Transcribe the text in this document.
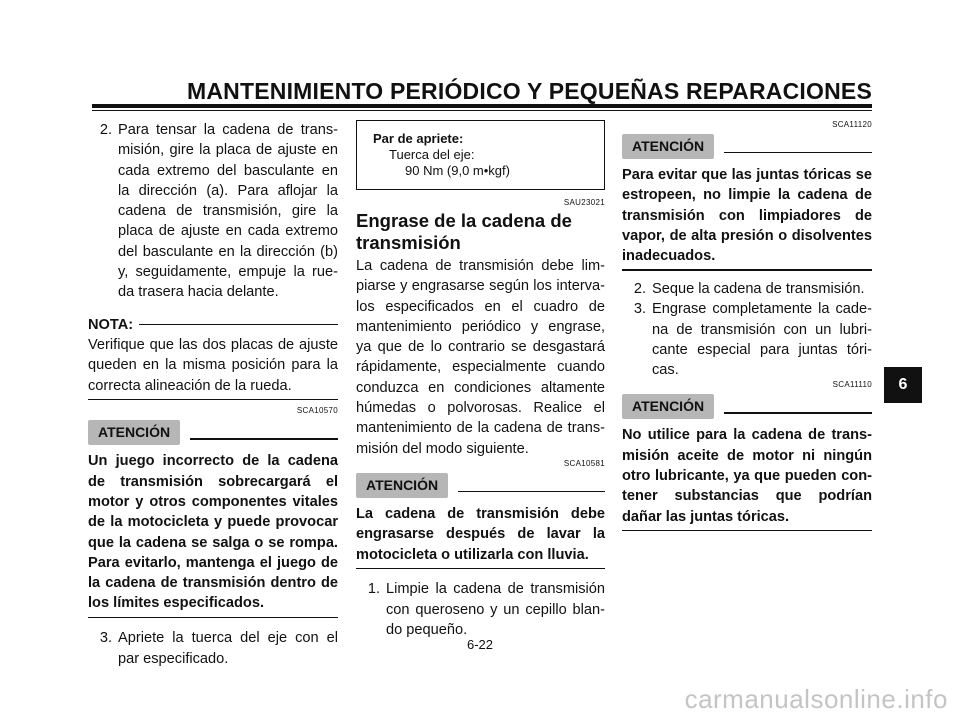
MANTENIMIENTO PERIÓDICO Y PEQUEÑAS REPARACIONES
2. Para tensar la cadena de trans-misión, gire la placa de ajuste en cada extremo del basculante en la dirección (a). Para aflojar la cadena de transmisión, gire la placa de ajuste en cada extremo del basculante en la dirección (b) y, seguidamente, empuje la rue-da trasera hacia delante.
NOTA:

Verifique que las dos placas de ajuste queden en la misma posición para la correcta alineación de la rueda.

SCA10570
ATENCIÓN
Un juego incorrecto de la cadena de transmisión sobrecargará el motor y otros componentes vitales de la motocicleta y puede provocar que la cadena se salga o se rompa. Para evitarlo, mantenga el juego de la cadena de transmisión dentro de los límites especificados.
3. Apriete la tuerca del eje con el par especificado.
Par de apriete:
Tuerca del eje:
90 Nm (9,0 m•kgf)
SAU23021
Engrase de la cadena de transmisión

La cadena de transmisión debe lim-piarse y engrasarse según los interva-los especificados en el cuadro de mantenimiento periódico y engrase, ya que de lo contrario se desgastará rápidamente, especialmente cuando conduzca en condiciones altamente húmedas o polvorosas. Realice el mantenimiento de la cadena de trans-misión del modo siguiente.

SCA10581
ATENCIÓN
La cadena de transmisión debe engrasarse después de lavar la motocicleta o utilizarla con lluvia.
1. Limpie la cadena de transmisión con queroseno y un cepillo blan-do pequeño.
SCA11120
ATENCIÓN
Para evitar que las juntas tóricas se estropeen, no limpie la cadena de transmisión con limpiadores de vapor, de alta presión o disolventes inadecuados.
2. Seque la cadena de transmisión.
3. Engrase completamente la cade-na de transmisión con un lubri-cante especial para juntas tóri-cas.
SCA11110
ATENCIÓN
No utilice para la cadena de trans-misión aceite de motor ni ningún otro lubricante, ya que pueden con-tener substancias que podrían dañar las juntas tóricas.
6
6-22
carmanualsonline.info
